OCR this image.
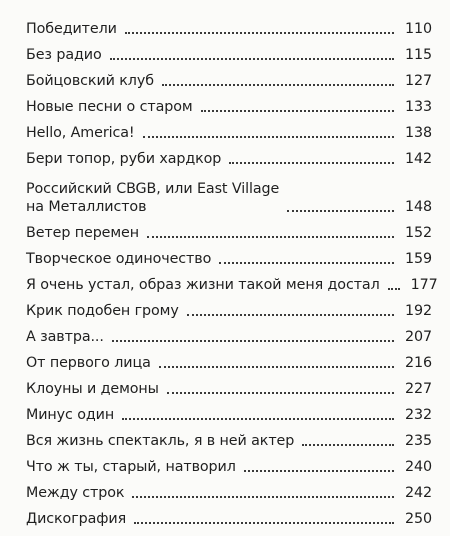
Победители	110
Без радио	115
Бойцовский клуб	127
Новые песни о старом	133
Hello, America!	138
Бери топор, руби хардкор	142
Российский CBGB, или East Village
на Металлистов	148
Ветер перемен	152
Творческое одиночество	159
Я очень устал, образ жизни такой меня достал 177
Крик подобен грому	192
А завтра...	207
От первого лица	216
Клоуны и демоны	227
Минус один	232
Вся жизнь спектакль, я в ней актер	235
Что ж ты, старый, натворил	240
Между строк	242
Дискография	250
